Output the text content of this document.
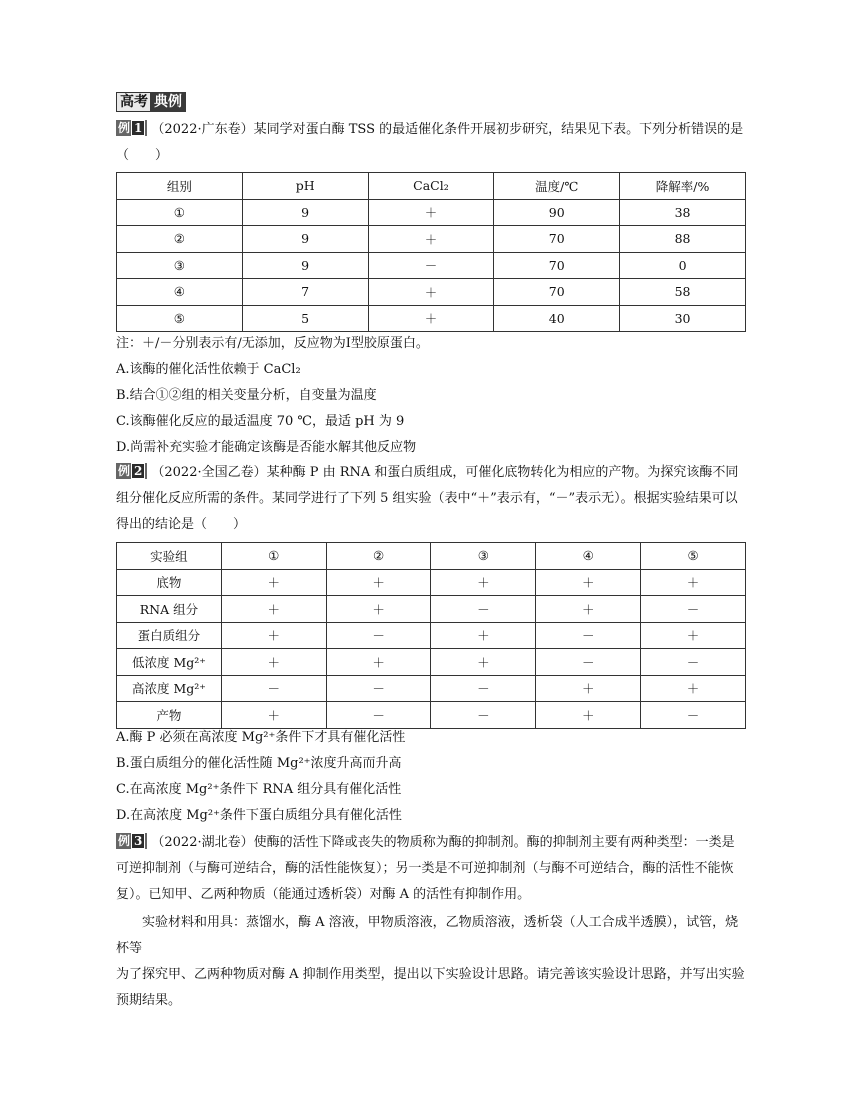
高考 典例
例 1 （2022·广东卷）某同学对蛋白酶 TSS 的最适催化条件开展初步研究，结果见下表。下列分析错误的是（　　）
组别	pH	CaCl₂	温度/℃	降解率/%
①	9	＋	90	38
②	9	＋	70	88
③	9	－	70	0
④	7	＋	70	58
⑤	5	＋	40	30
注：＋/－分别表示有/无添加，反应物为Ⅰ型胶原蛋白。
A.该酶的催化活性依赖于 CaCl₂
B.结合①②组的相关变量分析，自变量为温度
C.该酶催化反应的最适温度 70 ℃，最适 pH 为 9
D.尚需补充实验才能确定该酶是否能水解其他反应物
例 2 （2022·全国乙卷）某种酶 P 由 RNA 和蛋白质组成，可催化底物转化为相应的产物。为探究该酶不同组分催化反应所需的条件。某同学进行了下列 5 组实验（表中“＋”表示有，“－”表示无）。根据实验结果可以得出的结论是（　　）
实验组	①	②	③	④	⑤
底物	＋	＋	＋	＋	＋
RNA 组分	＋	＋	－	＋	－
蛋白质组分	＋	－	＋	－	＋
低浓度 Mg²⁺	＋	＋	＋	－	－
高浓度 Mg²⁺	－	－	－	＋	＋
产物	＋	－	－	＋	－
A.酶 P 必须在高浓度 Mg²⁺条件下才具有催化活性
B.蛋白质组分的催化活性随 Mg²⁺浓度升高而升高
C.在高浓度 Mg²⁺条件下 RNA 组分具有催化活性
D.在高浓度 Mg²⁺条件下蛋白质组分具有催化活性
例 3 （2022·湖北卷）使酶的活性下降或丧失的物质称为酶的抑制剂。酶的抑制剂主要有两种类型：一类是可逆抑制剂（与酶可逆结合，酶的活性能恢复）；另一类是不可逆抑制剂（与酶不可逆结合，酶的活性不能恢复）。已知甲、乙两种物质（能通过透析袋）对酶 A 的活性有抑制作用。
实验材料和用具：蒸馏水，酶 A 溶液，甲物质溶液，乙物质溶液，透析袋（人工合成半透膜），试管，烧杯等
为了探究甲、乙两种物质对酶 A 抑制作用类型，提出以下实验设计思路。请完善该实验设计思路，并写出实验预期结果。
